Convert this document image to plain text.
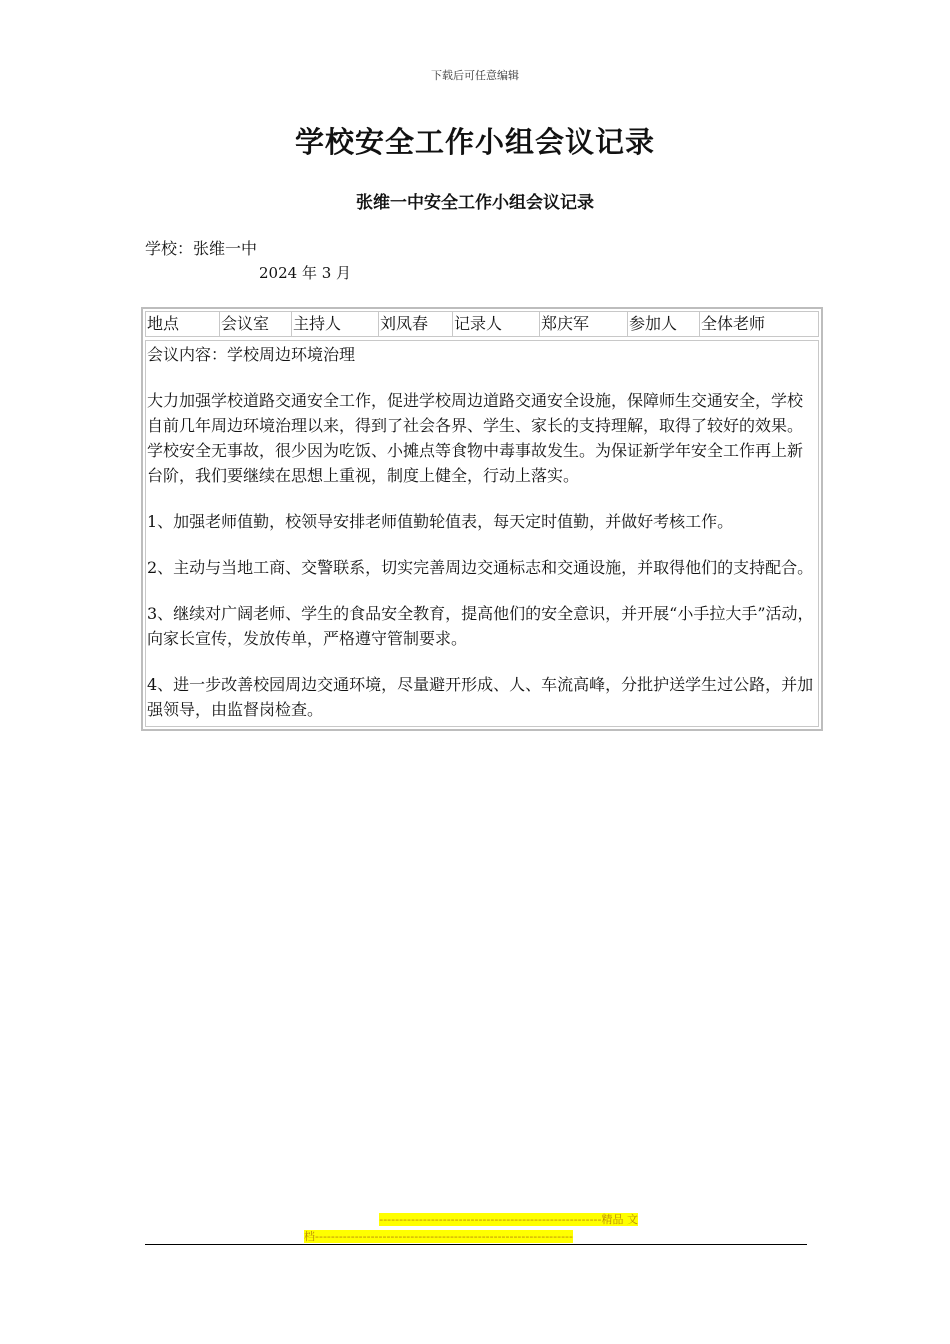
下载后可任意编辑
学校安全工作小组会议记录
张维一中安全工作小组会议记录
学校：张维一中
2024 年 3 月
地点	会议室	主持人	刘凤春	记录人	郑庆军	参加人	全体老师

会议内容：学校周边环境治理

大力加强学校道路交通安全工作，促进学校周边道路交通安全设施，保障师生交通安全，学校自前几年周边环境治理以来，得到了社会各界、学生、家长的支持理解，取得了较好的效果。学校安全无事故，很少因为吃饭、小摊点等食物中毒事故发生。为保证新学年安全工作再上新台阶，我们要继续在思想上重视，制度上健全，行动上落实。

1、加强老师值勤，校领导安排老师值勤轮值表，每天定时值勤，并做好考核工作。

2、主动与当地工商、交警联系，切实完善周边交通标志和交通设施，并取得他们的支持配合。

3、继续对广阔老师、学生的食品安全教育，提高他们的安全意识，并开展“小手拉大手”活动，向家长宣传，发放传单，严格遵守管制要求。

4、进一步改善校园周边交通环境，尽量避开形成、人、车流高峰，分批护送学生过公路，并加强领导，由监督岗检查。

--------------------------------------------------------精品 文
档-----------------------------------------------------------------
